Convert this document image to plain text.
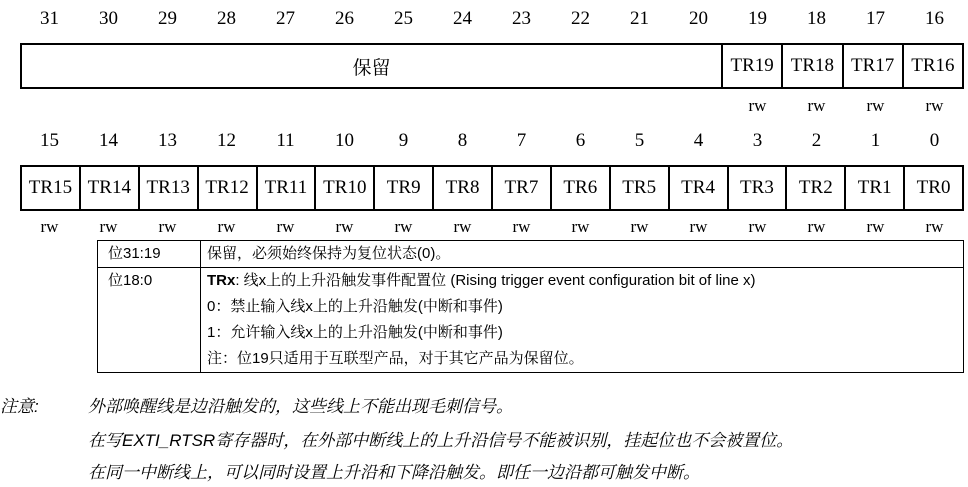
31	30	29	28	27	26	25	24	23	22	21	20	19	18	17	16
保留	TR19 TR18 TR17 TR16
rw	rw	rw	rw
15	14	13	12	11	10	9	8	7	6	5	4	3	2	1	0
TR15 TR14 TR13 TR12 TR11 TR10	TR9	TR8	TR7	TR6	TR5	TR4	TR3	TR2	TR1	TR0
rw	rw	rw	rw	rw	rw	rw	rw	rw	rw	rw	rw	rw	rw	rw	rw
位31:19	保留，必须始终保持为复位状态(0)。

位18:0	TRx: 线x上的上升沿触发事件配置位 (Rising trigger event configuration bit of line x)
0：禁止输入线x上的上升沿触发(中断和事件)
1：允许输入线x上的上升沿触发(中断和事件)
注：位19只适用于互联型产品，对于其它产品为保留位。
注意:	外部唤醒线是边沿触发的，这些线上不能出现毛刺信号。
在写EXTI_RTSR寄存器时，在外部中断线上的上升沿信号不能被识别，挂起位也不会被置位。
在同一中断线上，可以同时设置上升沿和下降沿触发。即任一边沿都可触发中断。
